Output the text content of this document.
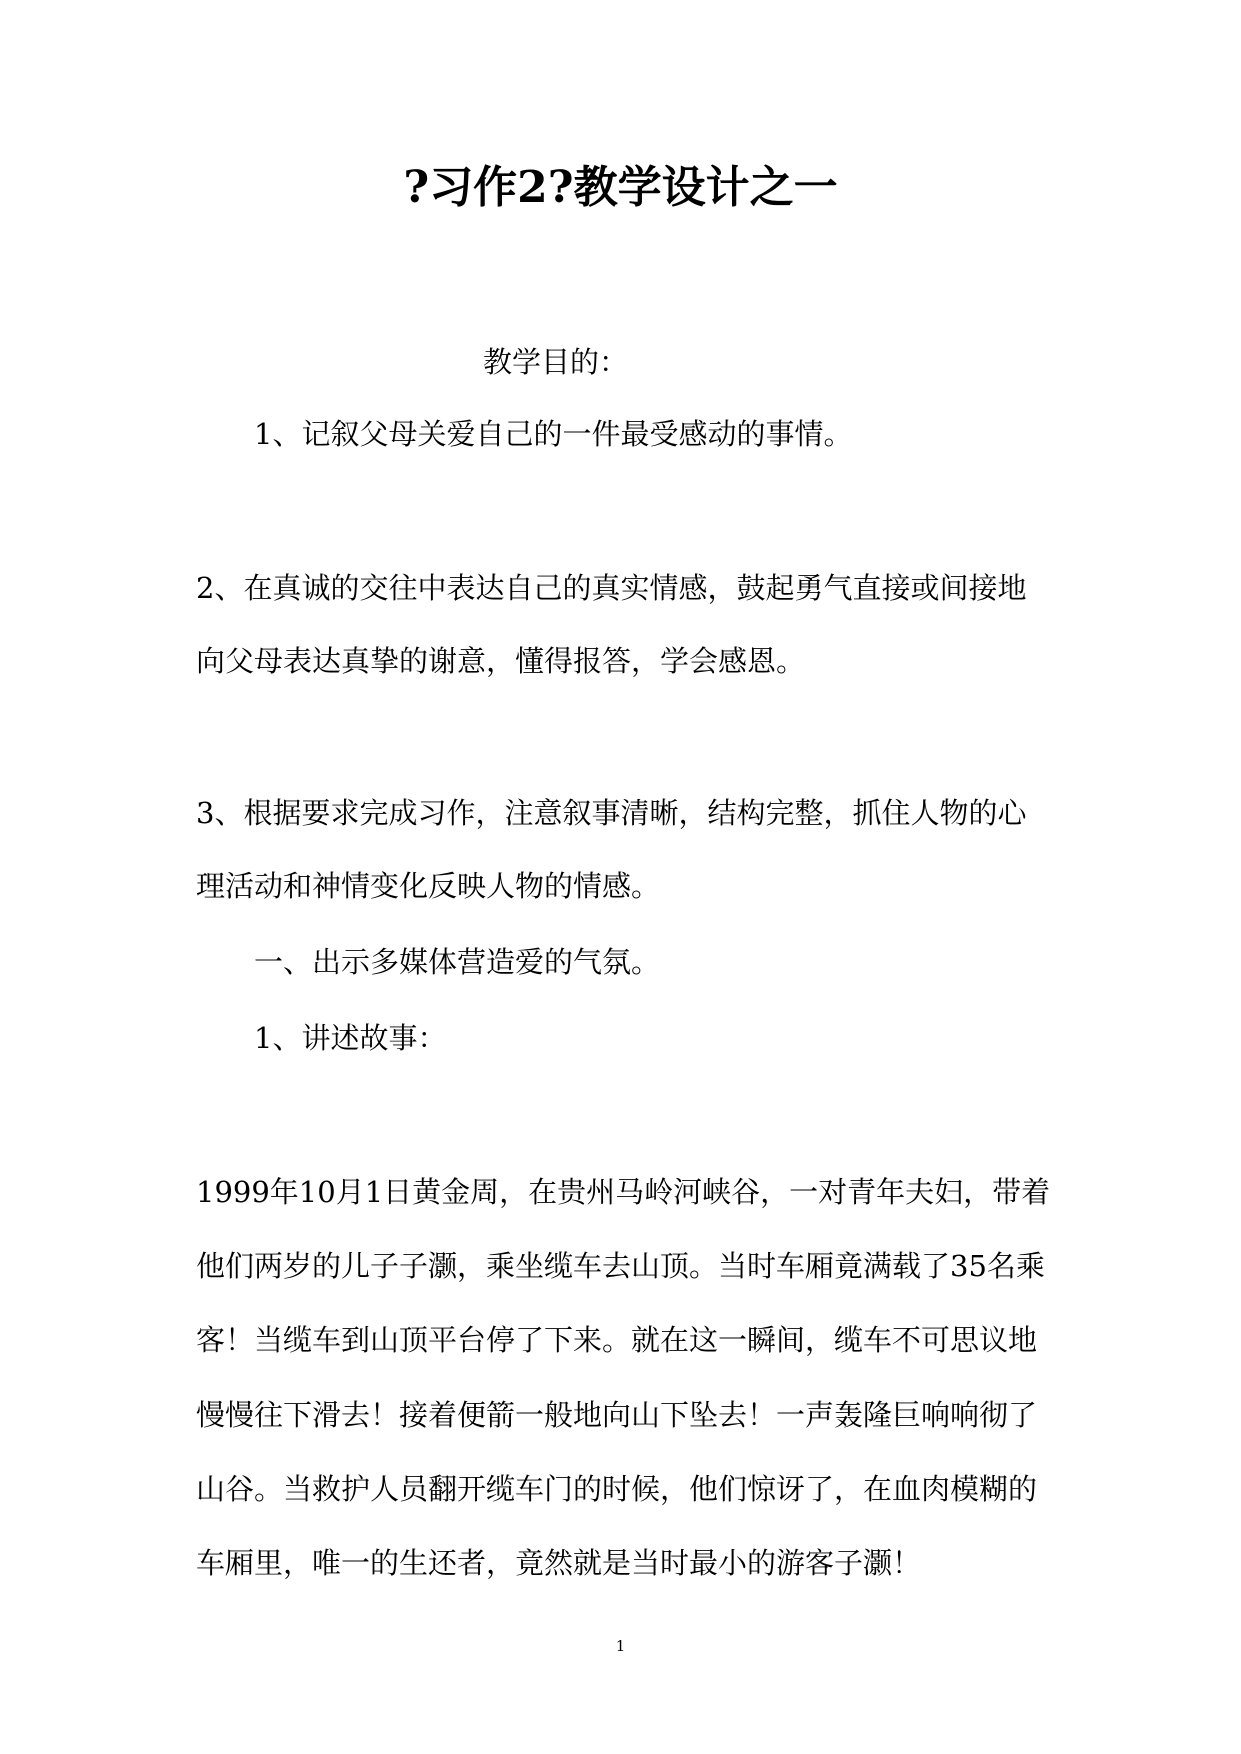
?习作2?教学设计之一
教学目的：
1、记叙父母关爱自己的一件最受感动的事情。
2、在真诚的交往中表达自己的真实情感，鼓起勇气直接或间接地
向父母表达真挚的谢意，懂得报答，学会感恩。
3、根据要求完成习作，注意叙事清晰，结构完整，抓住人物的心
理活动和神情变化反映人物的情感。
一、出示多媒体营造爱的气氛。
1、讲述故事：
1999年10月1日黄金周，在贵州马岭河峡谷，一对青年夫妇，带着
他们两岁的儿子子灏，乘坐缆车去山顶。当时车厢竟满载了35名乘
客！当缆车到山顶平台停了下来。就在这一瞬间，缆车不可思议地
慢慢往下滑去！接着便箭一般地向山下坠去！一声轰隆巨响响彻了
山谷。当救护人员翻开缆车门的时候，他们惊讶了，在血肉模糊的
车厢里，唯一的生还者，竟然就是当时最小的游客子灏！
1
